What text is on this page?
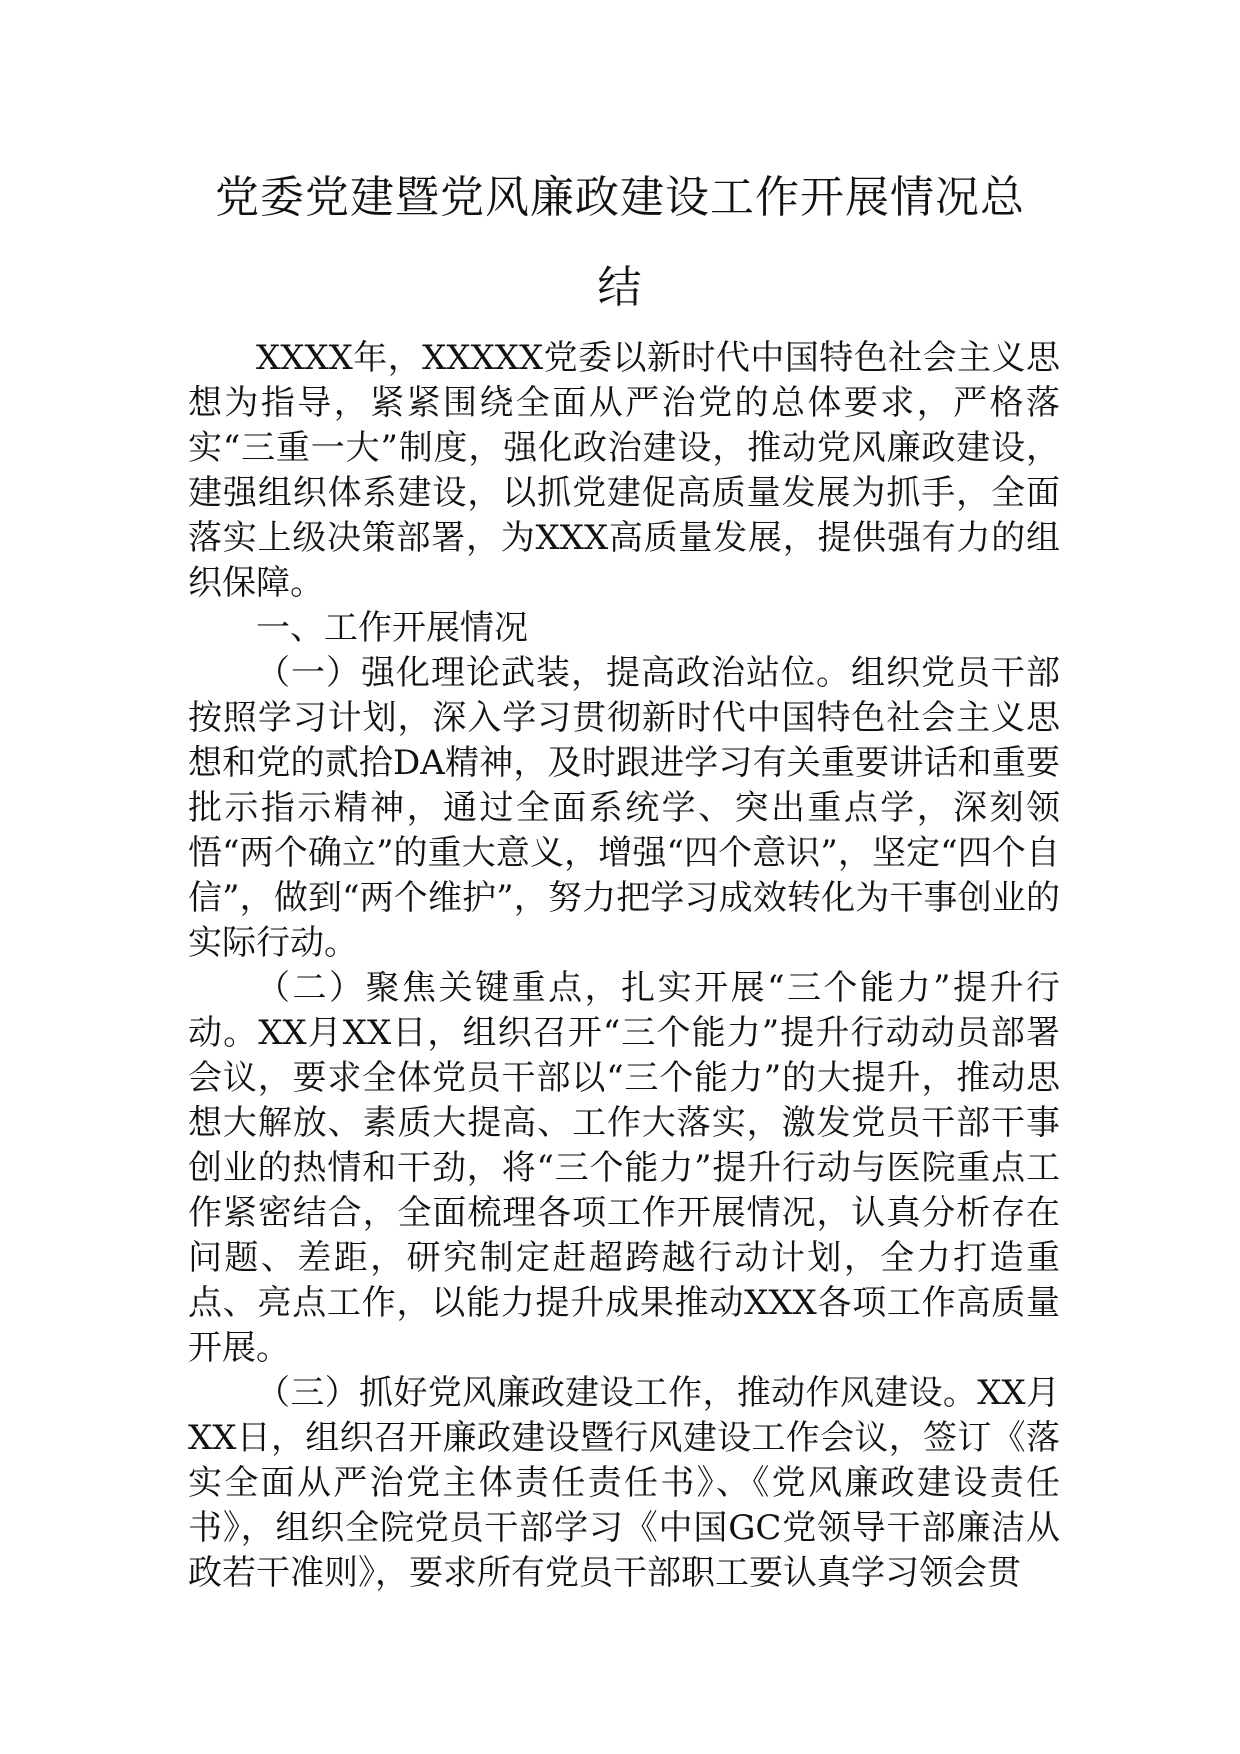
党委党建暨党风廉政建设工作开展情况总
结

XXXX年，XXXXX党委以新时代中国特色社会主义思想为指导，紧紧围绕全面从严治党的总体要求，严格落实“三重一大”制度，强化政治建设，推动党风廉政建设，建强组织体系建设，以抓党建促高质量发展为抓手，全面落实上级决策部署，为XXX高质量发展，提供强有力的组织保障。

一、工作开展情况

（一）强化理论武装，提高政治站位。组织党员干部按照学习计划，深入学习贯彻新时代中国特色社会主义思想和党的贰拾DA精神，及时跟进学习有关重要讲话和重要批示指示精神，通过全面系统学、突出重点学，深刻领悟“两个确立”的重大意义，增强“四个意识”，坚定“四个自信”，做到“两个维护”，努力把学习成效转化为干事创业的实际行动。

（二）聚焦关键重点，扎实开展“三个能力”提升行动。XX月XX日，组织召开“三个能力”提升行动动员部署会议，要求全体党员干部以“三个能力”的大提升，推动思想大解放、素质大提高、工作大落实，激发党员干部干事创业的热情和干劲，将“三个能力”提升行动与医院重点工作紧密结合，全面梳理各项工作开展情况，认真分析存在问题、差距，研究制定赶超跨越行动计划，全力打造重点、亮点工作，以能力提升成果推动XXX各项工作高质量开展。

（三）抓好党风廉政建设工作，推动作风建设。XX月XX日，组织召开廉政建设暨行风建设工作会议，签订《落实全面从严治党主体责任责任书》、《党风廉政建设责任书》，组织全院党员干部学习《中国GC党领导干部廉洁从政若干准则》，要求所有党员干部职工要认真学习领会贯
